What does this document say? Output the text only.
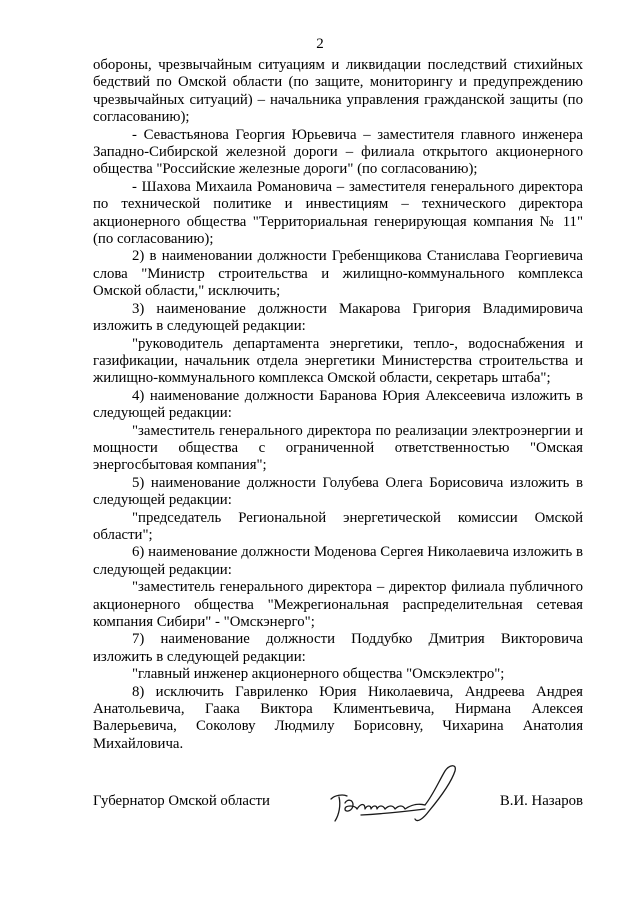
2

обороны, чрезвычайным ситуациям и ликвидации последствий стихийных бедствий по Омской области (по защите, мониторингу и предупреждению чрезвычайных ситуаций) – начальника управления гражданской защиты (по согласованию);

- Севастьянова Георгия Юрьевича – заместителя главного инженера Западно-Сибирской железной дороги – филиала открытого акционерного общества "Российские железные дороги" (по согласованию);

- Шахова Михаила Романовича – заместителя генерального директора по технической политике и инвестициям – технического директора акционерного общества "Территориальная генерирующая компания № 11" (по согласованию);

2) в наименовании должности Гребенщикова Станислава Георгиевича слова "Министр строительства и жилищно-коммунального комплекса Омской области," исключить;

3) наименование должности Макарова Григория Владимировича изложить в следующей редакции:

"руководитель департамента энергетики, тепло-, водоснабжения и газификации, начальник отдела энергетики Министерства строительства и жилищно-коммунального комплекса Омской области, секретарь штаба";

4) наименование должности Баранова Юрия Алексеевича изложить в следующей редакции:

"заместитель генерального директора по реализации электроэнергии и мощности общества с ограниченной ответственностью "Омская энергосбытовая компания";

5) наименование должности Голубева Олега Борисовича изложить в следующей редакции:

"председатель Региональной энергетической комиссии Омской области";

6) наименование должности Моденова Сергея Николаевича изложить в следующей редакции:

"заместитель генерального директора – директор филиала публичного акционерного общества "Межрегиональная распределительная сетевая компания Сибири" - "Омскэнерго";

7) наименование должности Поддубко Дмитрия Викторовича изложить в следующей редакции:

"главный инженер акционерного общества "Омскэлектро";

8) исключить Гавриленко Юрия Николаевича, Андреева Андрея Анатольевича, Гаака Виктора Климентьевича, Нирмана Алексея Валерьевича, Соколову Людмилу Борисовну, Чихарина Анатолия Михайловича.

Губернатор Омской области	В.И. Назаров
